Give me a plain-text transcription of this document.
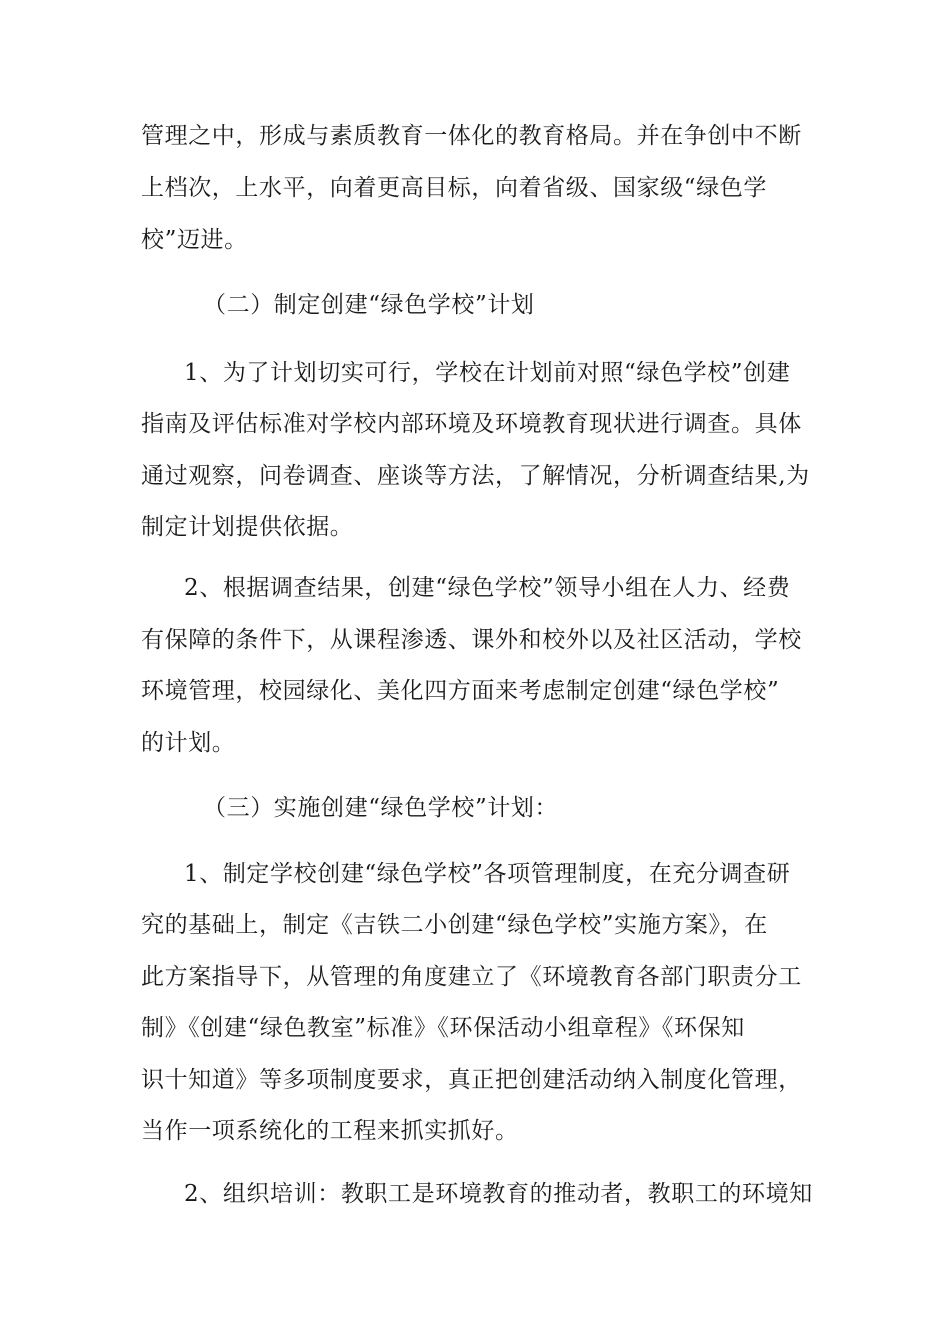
管理之中，形成与素质教育一体化的教育格局。并在争创中不断
上档次，上水平，向着更高目标，向着省级、国家级“绿色学
校”迈进。
（二）制定创建“绿色学校”计划
1、为了计划切实可行，学校在计划前对照“绿色学校”创建
指南及评估标准对学校内部环境及环境教育现状进行调查。具体
通过观察，问卷调查、座谈等方法，了解情况，分析调查结果,为
制定计划提供依据。
2、根据调查结果，创建“绿色学校”领导小组在人力、经费
有保障的条件下，从课程渗透、课外和校外以及社区活动，学校
环境管理，校园绿化、美化四方面来考虑制定创建“绿色学校”
的计划。
（三）实施创建“绿色学校”计划：
1、制定学校创建“绿色学校”各项管理制度，在充分调查研
究的基础上，制定《吉铁二小创建“绿色学校”实施方案》，在
此方案指导下，从管理的角度建立了《环境教育各部门职责分工
制》《创建“绿色教室”标准》《环保活动小组章程》《环保知
识十知道》等多项制度要求，真正把创建活动纳入制度化管理，
当作一项系统化的工程来抓实抓好。
2、组织培训：教职工是环境教育的推动者，教职工的环境知
